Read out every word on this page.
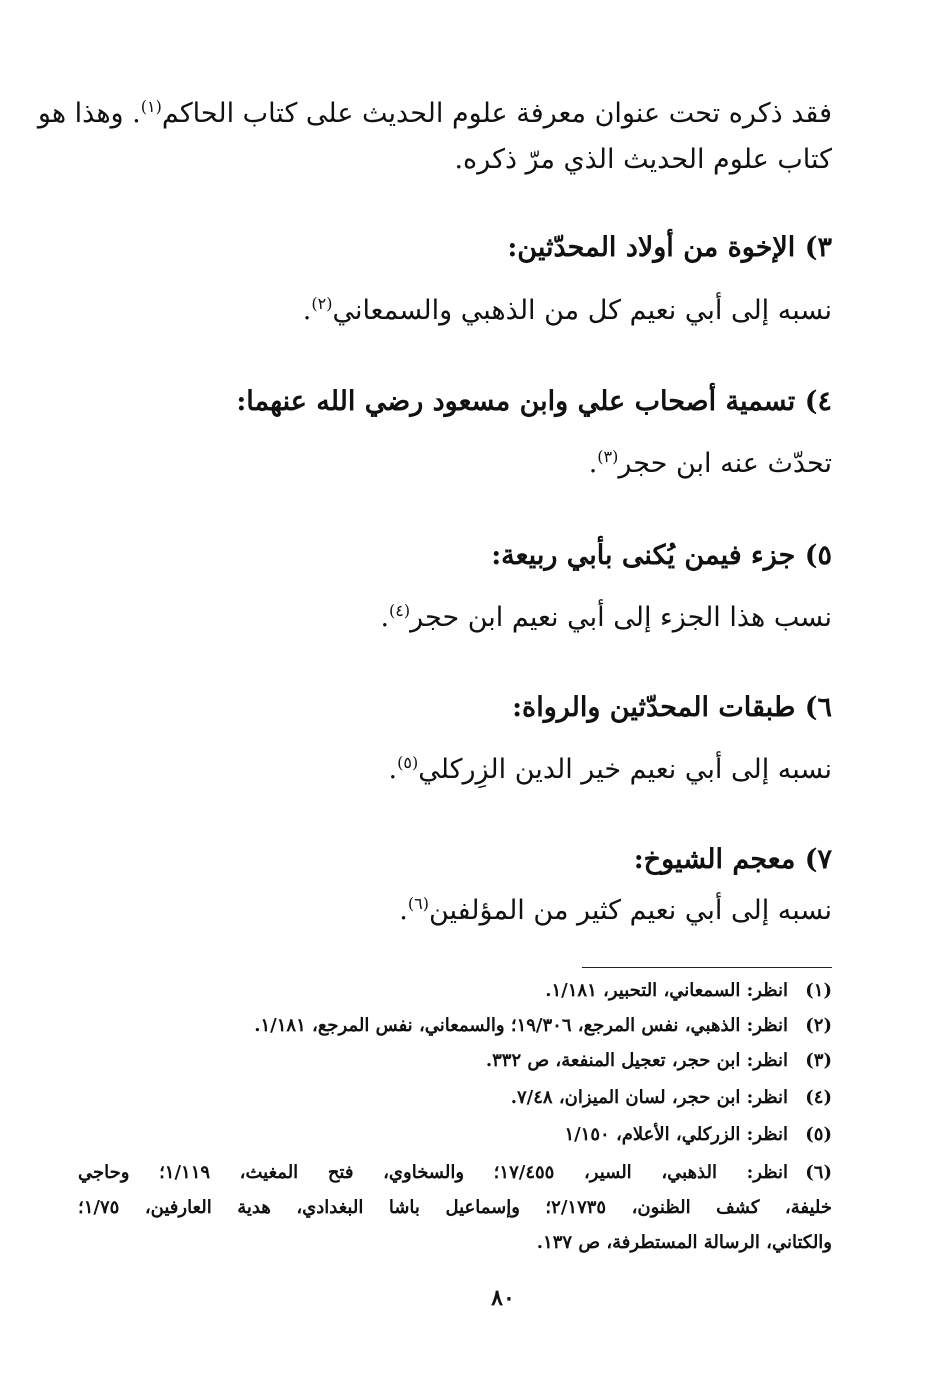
فقد ذكره تحت عنوان معرفة علوم الحديث على كتاب الحاكم$^{(١)}$. وهذا هو
كتاب علوم الحديث الذي مرّ ذكره.
٣) الإخوة من أولاد المحدّثين:
نسبه إلى أبي نعيم كل من الذهبي والسمعاني$^{(٢)}$.
٤) تسمية أصحاب علي وابن مسعود رضي الله عنهما:
تحدّث عنه ابن حجر$^{(٣)}$.
٥) جزء فيمن يُكنى بأبي ربيعة:
نسب هذا الجزء إلى أبي نعيم ابن حجر$^{(٤)}$.
٦) طبقات المحدّثين والرواة:
نسبه إلى أبي نعيم خير الدين الزِركلي$^{(٥)}$.
٧) معجم الشيوخ:
نسبه إلى أبي نعيم كثير من المؤلفين$^{(٦)}$.
(١)
انظر: السمعاني، التحبير، ١/١٨١.
(٢)
انظر: الذهبي، نفس المرجع، ١٩/٣٠٦؛ والسمعاني، نفس المرجع، ١/١٨١.
(٣)
انظر: ابن حجر، تعجيل المنفعة، ص ٣٣٢.
(٤)
انظر: ابن حجر، لسان الميزان، ٧/٤٨.
(٥)
انظر: الزركلي، الأعلام، ١/١٥٠
(٦)
انظر: الذهبي، السير، ١٧/٤٥٥؛ والسخاوي، فتح المغيث، ١/١١٩؛ وحاجي
خليفة، كشف الظنون، ٢/١٧٣٥؛ وإسماعيل باشا البغدادي، هدية العارفين، ١/٧٥؛
والكتاني، الرسالة المستطرفة، ص ١٣٧.
٨٠
